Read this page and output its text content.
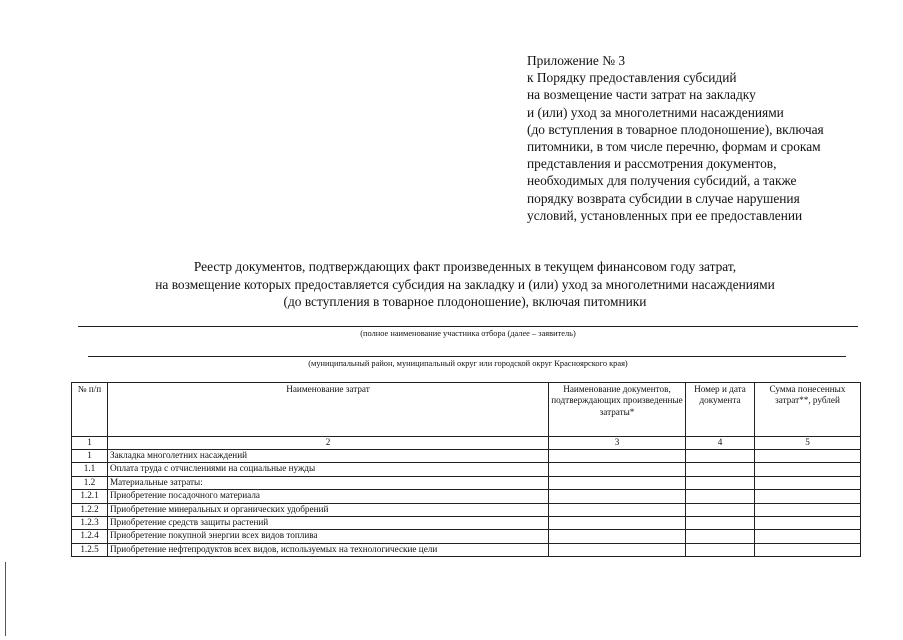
Приложение № 3
к Порядку предоставления субсидий
на возмещение части затрат на закладку
и (или) уход за многолетними насаждениями
(до вступления в товарное плодоношение), включая
питомники, в том числе перечню, формам и срокам
представления и рассмотрения документов,
необходимых для получения субсидий, а также
порядку возврата субсидии в случае нарушения
условий, установленных при ее предоставлении
Реестр документов, подтверждающих факт произведенных в текущем финансовом году затрат,
на возмещение которых предоставляется субсидия на закладку и (или) уход за многолетними насаждениями
(до вступления в товарное плодоношение), включая питомники
(полное наименование участника отбора (далее – заявитель)
(муниципальный район, муниципальный округ или городской округ Красноярского края)
№ п/п	Наименование затрат	Наименование документов, подтверждающих произведенные затраты*	Номер и дата документа	Сумма понесенных затрат**, рублей
1	2	3	4	5
1	Закладка многолетних насаждений			
1.1	Оплата труда с отчислениями на социальные нужды			
1.2	Материальные затраты:			
1.2.1	Приобретение посадочного материала			
1.2.2	Приобретение минеральных и органических удобрений			
1.2.3	Приобретение средств защиты растений			
1.2.4	Приобретение покупной энергии всех видов топлива			
1.2.5	Приобретение нефтепродуктов всех видов, используемых на технологические цели			
